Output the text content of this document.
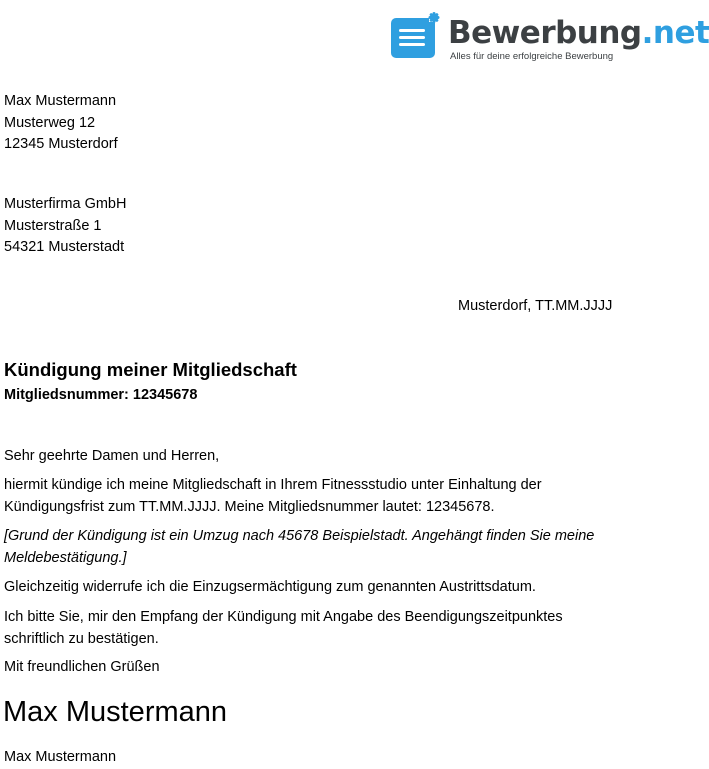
Bewerbung.net
Alles für deine erfolgreiche Bewerbung
Max Mustermann
Musterweg 12
12345 Musterdorf
Musterfirma GmbH
Musterstraße 1
54321 Musterstadt
Musterdorf, TT.MM.JJJJ
Kündigung meiner Mitgliedschaft
Mitgliedsnummer: 12345678
Sehr geehrte Damen und Herren,
hiermit kündige ich meine Mitgliedschaft in Ihrem Fitnessstudio unter Einhaltung der
Kündigungsfrist zum TT.MM.JJJJ. Meine Mitgliedsnummer lautet: 12345678.
[Grund der Kündigung ist ein Umzug nach 45678 Beispielstadt. Angehängt finden Sie meine
Meldebestätigung.]
Gleichzeitig widerrufe ich die Einzugsermächtigung zum genannten Austrittsdatum.
Ich bitte Sie, mir den Empfang der Kündigung mit Angabe des Beendigungszeitpunktes
schriftlich zu bestätigen.
Mit freundlichen Grüßen
Max Mustermann
Max Mustermann
